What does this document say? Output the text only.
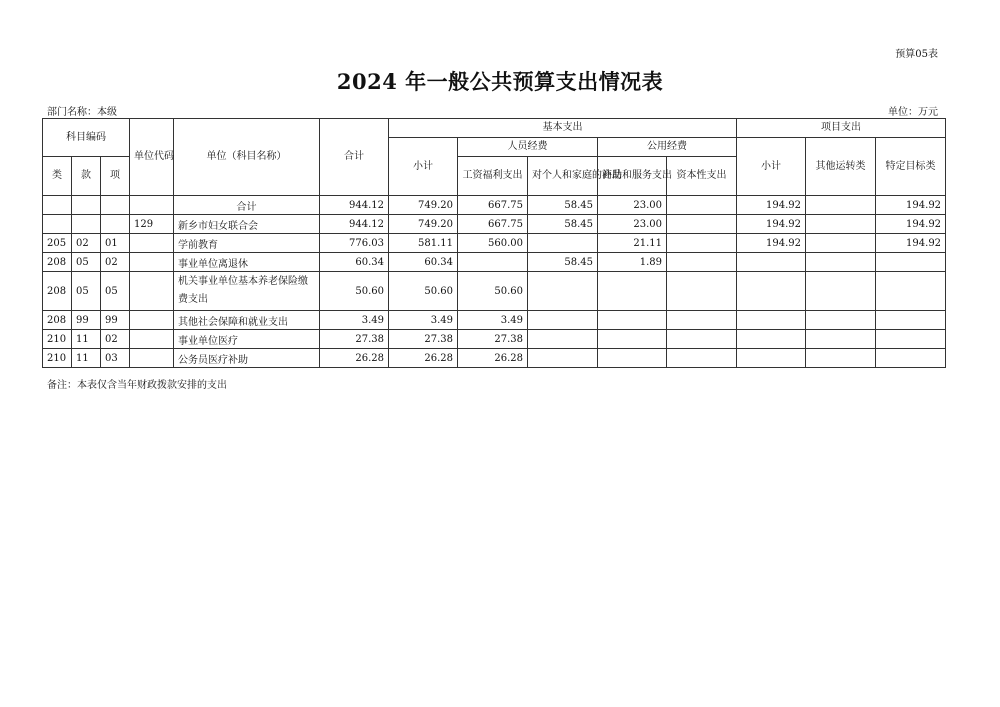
预算05表
2024 年一般公共预算支出情况表
部门名称：本级	单位：万元
科目编码			单位代码	单位（科目名称）	合计	基本支出					项目支出		
						小计	人员经费		公用经费		小计	其他运转类	特定目标类
类	款	项					工资福利支出	对个人和家庭的补助	商品和服务支出	资本性支出			
				合计	944.12	749.20	667.75	58.45	23.00		194.92		194.92
			129	新乡市妇女联合会	944.12	749.20	667.75	58.45	23.00		194.92		194.92
205	02	01		学前教育	776.03	581.11	560.00		21.11		194.92		194.92
208	05	02		事业单位离退休	60.34	60.34		58.45	1.89				
208	05	05		机关事业单位基本养老保险缴费支出	50.60	50.60	50.60						
208	99	99		其他社会保障和就业支出	3.49	3.49	3.49						
210	11	02		事业单位医疗	27.38	27.38	27.38						
210	11	03		公务员医疗补助	26.28	26.28	26.28						
备注：本表仅含当年财政拨款安排的支出
